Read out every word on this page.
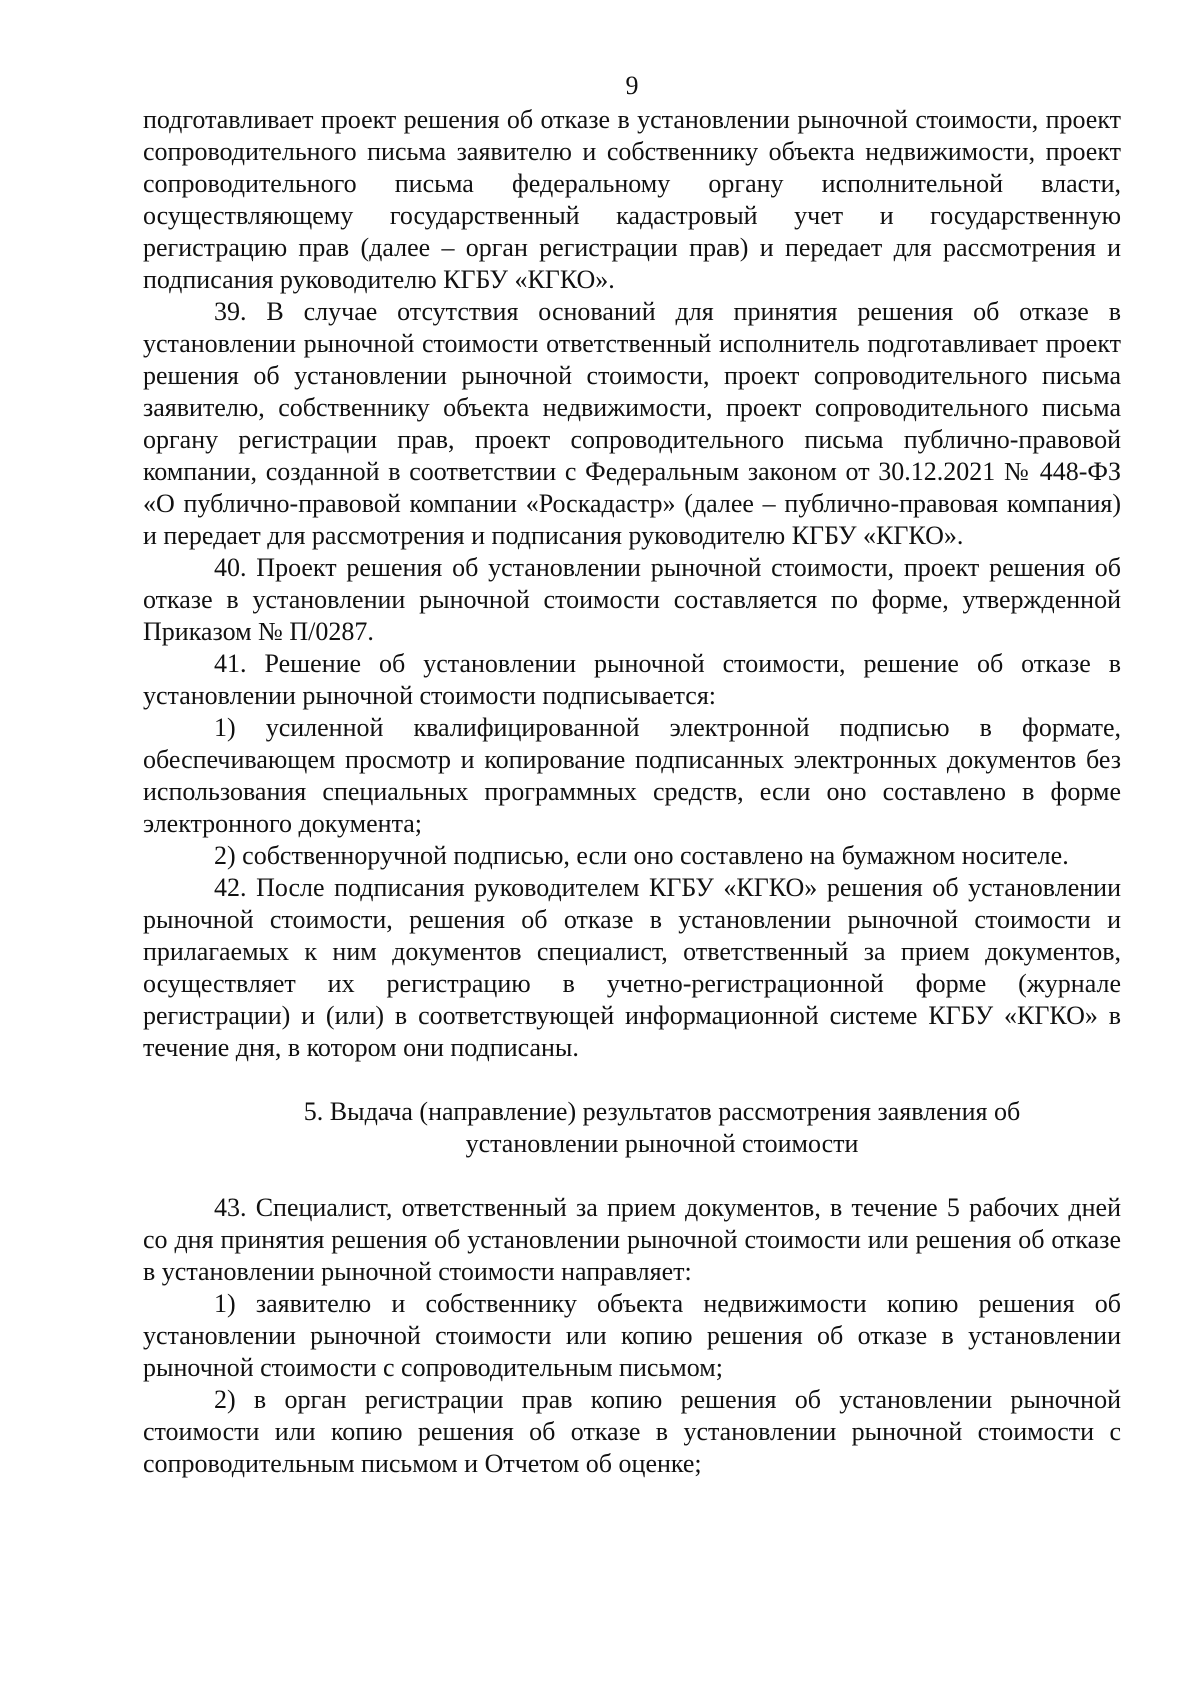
9

подготавливает проект решения об отказе в установлении рыночной стоимости, проект сопроводительного письма заявителю и собственнику объекта недвижимости, проект сопроводительного письма федеральному органу исполнительной власти, осуществляющему государственный кадастровый учет и государственную регистрацию прав (далее – орган регистрации прав) и передает для рассмотрения и подписания руководителю КГБУ «КГКО».

39. В случае отсутствия оснований для принятия решения об отказе в установлении рыночной стоимости ответственный исполнитель подготавливает проект решения об установлении рыночной стоимости, проект сопроводительного письма заявителю, собственнику объекта недвижимости, проект сопроводительного письма органу регистрации прав, проект сопроводительного письма публично-правовой компании, созданной в соответствии с Федеральным законом от 30.12.2021 № 448-ФЗ «О публично-правовой компании «Роскадастр» (далее – публично-правовая компания) и передает для рассмотрения и подписания руководителю КГБУ «КГКО».

40. Проект решения об установлении рыночной стоимости, проект решения об отказе в установлении рыночной стоимости составляется по форме, утвержденной Приказом № П/0287.

41. Решение об установлении рыночной стоимости, решение об отказе в установлении рыночной стоимости подписывается:

1) усиленной квалифицированной электронной подписью в формате, обеспечивающем просмотр и копирование подписанных электронных документов без использования специальных программных средств, если оно составлено в форме электронного документа;

2) собственноручной подписью, если оно составлено на бумажном носителе.

42. После подписания руководителем КГБУ «КГКО» решения об установлении рыночной стоимости, решения об отказе в установлении рыночной стоимости и прилагаемых к ним документов специалист, ответственный за прием документов, осуществляет их регистрацию в учетно-регистрационной форме (журнале регистрации) и (или) в соответствующей информационной системе КГБУ «КГКО» в течение дня, в котором они подписаны.

5. Выдача (направление) результатов рассмотрения заявления об установлении рыночной стоимости

43. Специалист, ответственный за прием документов, в течение 5 рабочих дней со дня принятия решения об установлении рыночной стоимости или решения об отказе в установлении рыночной стоимости направляет:

1) заявителю и собственнику объекта недвижимости копию решения об установлении рыночной стоимости или копию решения об отказе в установлении рыночной стоимости с сопроводительным письмом;

2) в орган регистрации прав копию решения об установлении рыночной стоимости или копию решения об отказе в установлении рыночной стоимости с сопроводительным письмом и Отчетом об оценке;
